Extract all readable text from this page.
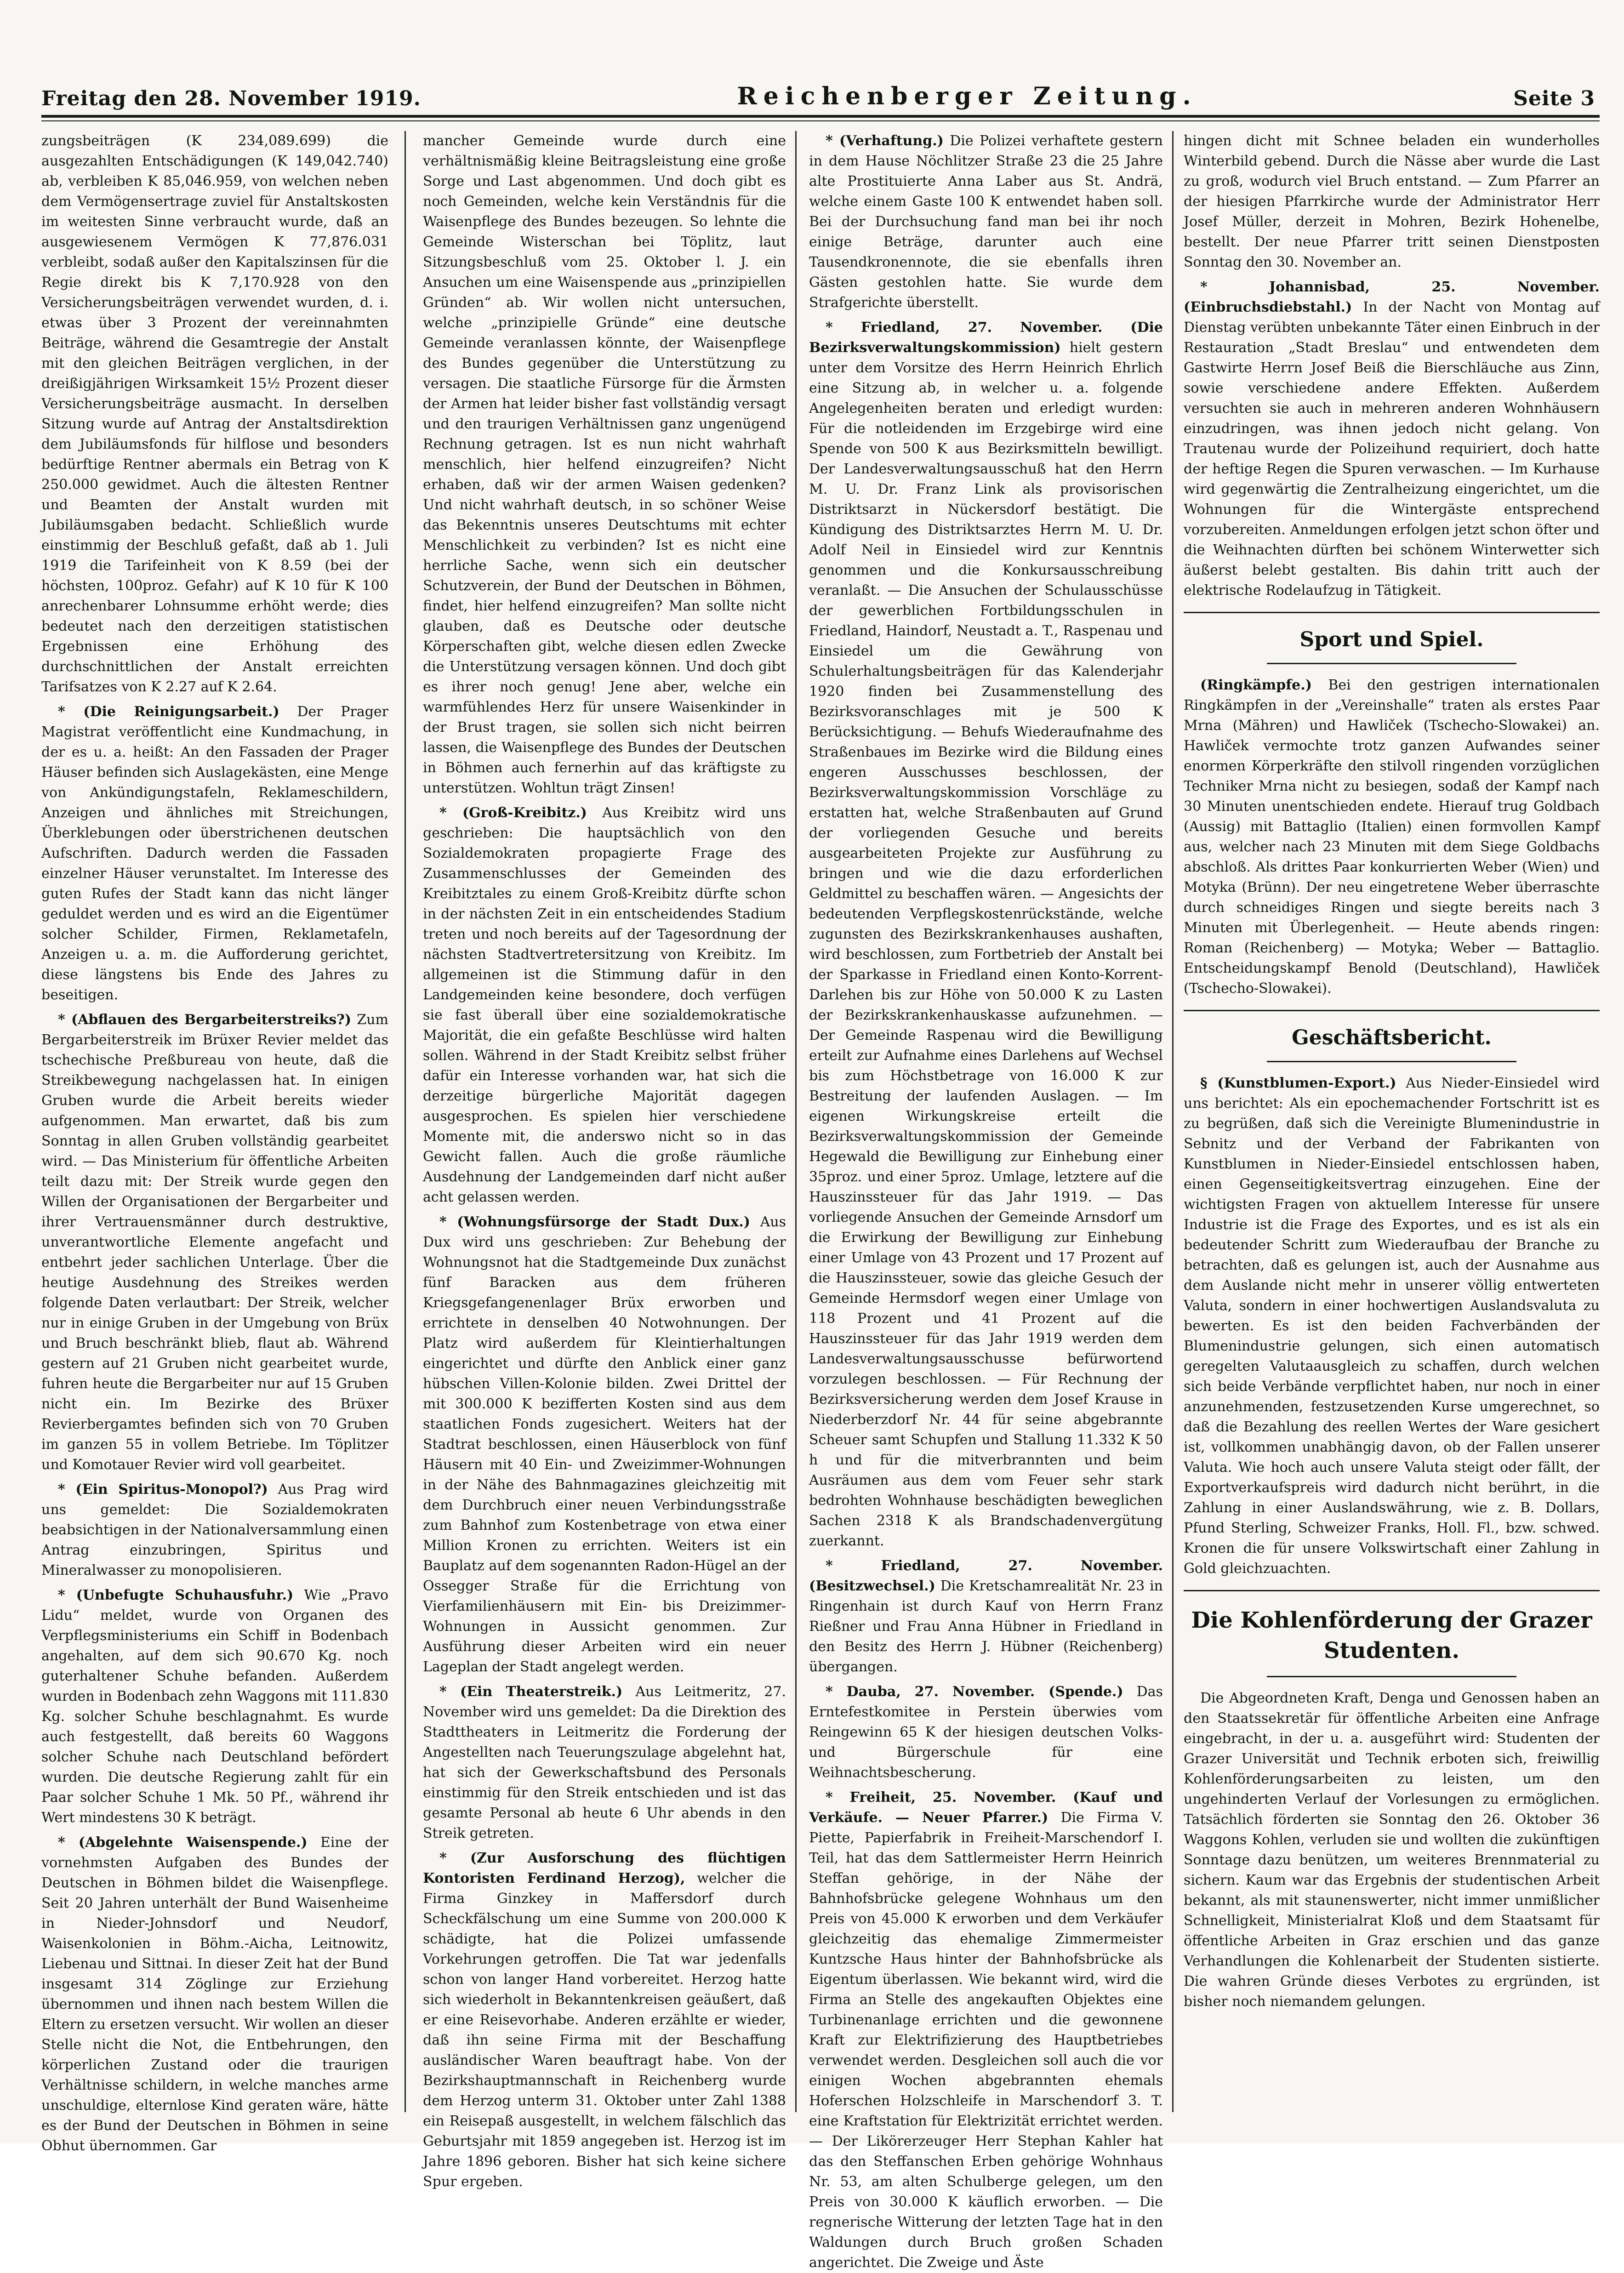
Freitag den 28. November 1919.	Reichenberger Zeitung.	Seite 3

zungsbeiträgen (K 234,089.699) die ausgezahlten Entschädigungen (K 149,042.740) ab, verbleiben K 85,046.959, von welchen neben dem Vermögensertrage zuviel für Anstaltskosten im weitesten Sinne verbraucht wurde, daß an ausgewiesenem Vermögen K 77,876.031 verbleibt, sodaß außer den Kapitalszinsen für die Regie direkt bis K 7,170.928 von den Versicherungsbeiträgen verwendet wurden, d. i. etwas über 3 Prozent der vereinnahmten Beiträge, während die Gesamtregie der Anstalt mit den gleichen Beiträgen verglichen, in der dreißigjährigen Wirksamkeit 15½ Prozent dieser Versicherungsbeiträge ausmacht. In derselben Sitzung wurde auf Antrag der Anstaltsdirektion dem Jubiläumsfonds für hilflose und besonders bedürftige Rentner abermals ein Betrag von K 250.000 gewidmet. Auch die ältesten Rentner und Beamten der Anstalt wurden mit Jubiläumsgaben bedacht. Schließlich wurde einstimmig der Beschluß gefaßt, daß ab 1. Juli 1919 die Tarifeinheit von K 8.59 (bei der höchsten, 100proz. Gefahr) auf K 10 für K 100 anrechenbarer Lohnsumme erhöht werde; dies bedeutet nach den derzeitigen statistischen Ergebnissen eine Erhöhung des durchschnittlichen der Anstalt erreichten Tarifsatzes von K 2.27 auf K 2.64.

* (Die Reinigungsarbeit.) Der Prager Magistrat veröffentlicht eine Kundmachung, in der es u. a. heißt: An den Fassaden der Prager Häuser befinden sich Auslagekästen, eine Menge von Ankündigungstafeln, Reklameschildern, Anzeigen und ähnliches mit Streichungen, Überklebungen oder überstrichenen deutschen Aufschriften. Dadurch werden die Fassaden einzelner Häuser verunstaltet. Im Interesse des guten Rufes der Stadt kann das nicht länger geduldet werden und es wird an die Eigentümer solcher Schilder, Firmen, Reklametafeln, Anzeigen u. a. m. die Aufforderung gerichtet, diese längstens bis Ende des Jahres zu beseitigen.

* (Abflauen des Bergarbeiterstreiks?) Zum Bergarbeiterstreik im Brüxer Revier meldet das tschechische Preßbureau von heute, daß die Streikbewegung nachgelassen hat. In einigen Gruben wurde die Arbeit bereits wieder aufgenommen. Man erwartet, daß bis zum Sonntag in allen Gruben vollständig gearbeitet wird. — Das Ministerium für öffentliche Arbeiten teilt dazu mit: Der Streik wurde gegen den Willen der Organisationen der Bergarbeiter und ihrer Vertrauensmänner durch destruktive, unverantwortliche Elemente angefacht und entbehrt jeder sachlichen Unterlage. Über die heutige Ausdehnung des Streikes werden folgende Daten verlautbart: Der Streik, welcher nur in einige Gruben in der Umgebung von Brüx und Bruch beschränkt blieb, flaut ab. Während gestern auf 21 Gruben nicht gearbeitet wurde, fuhren heute die Bergarbeiter nur auf 15 Gruben nicht ein. Im Bezirke des Brüxer Revierbergamtes befinden sich von 70 Gruben im ganzen 55 in vollem Betriebe. Im Töplitzer und Komotauer Revier wird voll gearbeitet.

* (Ein Spiritus-Monopol?) Aus Prag wird uns gemeldet: Die Sozialdemokraten beabsichtigen in der Nationalversammlung einen Antrag einzubringen, Spiritus und Mineralwasser zu monopolisieren.

* (Unbefugte Schuhausfuhr.) Wie „Pravo Lidu“ meldet, wurde von Organen des Verpflegsministeriums ein Schiff in Bodenbach angehalten, auf dem sich 90.670 Kg. noch guterhaltener Schuhe befanden. Außerdem wurden in Bodenbach zehn Waggons mit 111.830 Kg. solcher Schuhe beschlagnahmt. Es wurde auch festgestellt, daß bereits 60 Waggons solcher Schuhe nach Deutschland befördert wurden. Die deutsche Regierung zahlt für ein Paar solcher Schuhe 1 Mk. 50 Pf., während ihr Wert mindestens 30 K beträgt.

* (Abgelehnte Waisenspende.) Eine der vornehmsten Aufgaben des Bundes der Deutschen in Böhmen bildet die Waisenpflege. Seit 20 Jahren unterhält der Bund Waisenheime in Nieder-Johnsdorf und Neudorf, Waisenkolonien in Böhm.-Aicha, Leitnowitz, Liebenau und Sittnai. In dieser Zeit hat der Bund insgesamt 314 Zöglinge zur Erziehung übernommen und ihnen nach bestem Willen die Eltern zu ersetzen versucht. Wir wollen an dieser Stelle nicht die Not, die Entbehrungen, den körperlichen Zustand oder die traurigen Verhältnisse schildern, in welche manches arme unschuldige, elternlose Kind geraten wäre, hätte es der Bund der Deutschen in Böhmen in seine Obhut übernommen. Gar

mancher Gemeinde wurde durch eine verhältnismäßig kleine Beitragsleistung eine große Sorge und Last abgenommen. Und doch gibt es noch Gemeinden, welche kein Verständnis für die Waisenpflege des Bundes bezeugen. So lehnte die Gemeinde Wisterschan bei Töplitz, laut Sitzungsbeschluß vom 25. Oktober l. J. ein Ansuchen um eine Waisenspende aus „prinzipiellen Gründen“ ab. Wir wollen nicht untersuchen, welche „prinzipielle Gründe“ eine deutsche Gemeinde veranlassen könnte, der Waisenpflege des Bundes gegenüber die Unterstützung zu versagen. Die staatliche Fürsorge für die Ärmsten der Armen hat leider bisher fast vollständig versagt und den traurigen Verhältnissen ganz ungenügend Rechnung getragen. Ist es nun nicht wahrhaft menschlich, hier helfend einzugreifen? Nicht erhaben, daß wir der armen Waisen gedenken? Und nicht wahrhaft deutsch, in so schöner Weise das Bekenntnis unseres Deutschtums mit echter Menschlichkeit zu verbinden? Ist es nicht eine herrliche Sache, wenn sich ein deutscher Schutzverein, der Bund der Deutschen in Böhmen, findet, hier helfend einzugreifen? Man sollte nicht glauben, daß es Deutsche oder deutsche Körperschaften gibt, welche diesen edlen Zwecke die Unterstützung versagen können. Und doch gibt es ihrer noch genug! Jene aber, welche ein warmfühlendes Herz für unsere Waisenkinder in der Brust tragen, sie sollen sich nicht beirren lassen, die Waisenpflege des Bundes der Deutschen in Böhmen auch fernerhin auf das kräftigste zu unterstützen. Wohltun trägt Zinsen!

* (Groß-Kreibitz.) Aus Kreibitz wird uns geschrieben: Die hauptsächlich von den Sozialdemokraten propagierte Frage des Zusammenschlusses der Gemeinden des Kreibitztales zu einem Groß-Kreibitz dürfte schon in der nächsten Zeit in ein entscheidendes Stadium treten und noch bereits auf der Tagesordnung der nächsten Stadtvertretersitzung von Kreibitz. Im allgemeinen ist die Stimmung dafür in den Landgemeinden keine besondere, doch verfügen sie fast überall über eine sozialdemokratische Majorität, die ein gefaßte Beschlüsse wird halten sollen. Während in der Stadt Kreibitz selbst früher dafür ein Interesse vorhanden war, hat sich die derzeitige bürgerliche Majorität dagegen ausgesprochen. Es spielen hier verschiedene Momente mit, die anderswo nicht so in das Gewicht fallen. Auch die große räumliche Ausdehnung der Landgemeinden darf nicht außer acht gelassen werden.

* (Wohnungsfürsorge der Stadt Dux.) Aus Dux wird uns geschrieben: Zur Behebung der Wohnungsnot hat die Stadtgemeinde Dux zunächst fünf Baracken aus dem früheren Kriegsgefangenenlager Brüx erworben und errichtete in denselben 40 Notwohnungen. Der Platz wird außerdem für Kleintierhaltungen eingerichtet und dürfte den Anblick einer ganz hübschen Villen-Kolonie bilden. Zwei Drittel der mit 300.000 K bezifferten Kosten sind aus dem staatlichen Fonds zugesichert. Weiters hat der Stadtrat beschlossen, einen Häuserblock von fünf Häusern mit 40 Ein- und Zweizimmer-Wohnungen in der Nähe des Bahnmagazines gleichzeitig mit dem Durchbruch einer neuen Verbindungsstraße zum Bahnhof zum Kostenbetrage von etwa einer Million Kronen zu errichten. Weiters ist ein Bauplatz auf dem sogenannten Radon-Hügel an der Ossegger Straße für die Errichtung von Vierfamilienhäusern mit Ein- bis Dreizimmer-Wohnungen in Aussicht genommen. Zur Ausführung dieser Arbeiten wird ein neuer Lageplan der Stadt angelegt werden.

* (Ein Theaterstreik.) Aus Leitmeritz, 27. November wird uns gemeldet: Da die Direktion des Stadttheaters in Leitmeritz die Forderung der Angestellten nach Teuerungszulage abgelehnt hat, hat sich der Gewerkschaftsbund des Personals einstimmig für den Streik entschieden und ist das gesamte Personal ab heute 6 Uhr abends in den Streik getreten.

* (Zur Ausforschung des flüchtigen Kontoristen Ferdinand Herzog), welcher die Firma Ginzkey in Maffersdorf durch Scheckfälschung um eine Summe von 200.000 K schädigte, hat die Polizei umfassende Vorkehrungen getroffen. Die Tat war jedenfalls schon von langer Hand vorbereitet. Herzog hatte sich wiederholt in Bekanntenkreisen geäußert, daß er eine Reisevorhabe. Anderen erzählte er wieder, daß ihn seine Firma mit der Beschaffung ausländischer Waren beauftragt habe. Von der Bezirkshauptmannschaft in Reichenberg wurde dem Herzog unterm 31. Oktober unter Zahl 1388 ein Reisepaß ausgestellt, in welchem fälschlich das Geburtsjahr mit 1859 angegeben ist. Herzog ist im Jahre 1896 geboren. Bisher hat sich keine sichere Spur ergeben.

* (Verhaftung.) Die Polizei verhaftete gestern in dem Hause Nöchlitzer Straße 23 die 25 Jahre alte Prostituierte Anna Laber aus St. Andrä, welche einem Gaste 100 K entwendet haben soll. Bei der Durchsuchung fand man bei ihr noch einige Beträge, darunter auch eine Tausendkronennote, die sie ebenfalls ihren Gästen gestohlen hatte. Sie wurde dem Strafgerichte überstellt.

* Friedland, 27. November. (Die Bezirksverwaltungskommission) hielt gestern unter dem Vorsitze des Herrn Heinrich Ehrlich eine Sitzung ab, in welcher u. a. folgende Angelegenheiten beraten und erledigt wurden: Für die notleidenden im Erzgebirge wird eine Spende von 500 K aus Bezirksmitteln bewilligt. Der Landesverwaltungsausschuß hat den Herrn M. U. Dr. Franz Link als provisorischen Distriktsarzt in Nückersdorf bestätigt. Die Kündigung des Distriktsarztes Herrn M. U. Dr. Adolf Neil in Einsiedel wird zur Kenntnis genommen und die Konkursausschreibung veranlaßt. — Die Ansuchen der Schulausschüsse der gewerblichen Fortbildungsschulen in Friedland, Haindorf, Neustadt a. T., Raspenau und Einsiedel um die Gewährung von Schulerhaltungsbeiträgen für das Kalenderjahr 1920 finden bei Zusammenstellung des Bezirksvoranschlages mit je 500 K Berücksichtigung. — Behufs Wiederaufnahme des Straßenbaues im Bezirke wird die Bildung eines engeren Ausschusses beschlossen, der Bezirksverwaltungskommission Vorschläge zu erstatten hat, welche Straßenbauten auf Grund der vorliegenden Gesuche und bereits ausgearbeiteten Projekte zur Ausführung zu bringen und wie die dazu erforderlichen Geldmittel zu beschaffen wären. — Angesichts der bedeutenden Verpflegskostenrückstände, welche zugunsten des Bezirkskrankenhauses aushaften, wird beschlossen, zum Fortbetrieb der Anstalt bei der Sparkasse in Friedland einen Konto-Korrent-Darlehen bis zur Höhe von 50.000 K zu Lasten der Bezirkskrankenhauskasse aufzunehmen. — Der Gemeinde Raspenau wird die Bewilligung erteilt zur Aufnahme eines Darlehens auf Wechsel bis zum Höchstbetrage von 16.000 K zur Bestreitung der laufenden Auslagen. — Im eigenen Wirkungskreise erteilt die Bezirksverwaltungskommission der Gemeinde Hegewald die Bewilligung zur Einhebung einer 35proz. und einer 5proz. Umlage, letztere auf die Hauszinssteuer für das Jahr 1919. — Das vorliegende Ansuchen der Gemeinde Arnsdorf um die Erwirkung der Bewilligung zur Einhebung einer Umlage von 43 Prozent und 17 Prozent auf die Hauszinssteuer, sowie das gleiche Gesuch der Gemeinde Hermsdorf wegen einer Umlage von 118 Prozent und 41 Prozent auf die Hauszinssteuer für das Jahr 1919 werden dem Landesverwaltungsausschusse befürwortend vorzulegen beschlossen. — Für Rechnung der Bezirksversicherung werden dem Josef Krause in Niederberzdorf Nr. 44 für seine abgebrannte Scheuer samt Schupfen und Stallung 11.332 K 50 h und für die mitverbrannten und beim Ausräumen aus dem vom Feuer sehr stark bedrohten Wohnhause beschädigten beweglichen Sachen 2318 K als Brandschadenvergütung zuerkannt.

* Friedland, 27. November. (Besitzwechsel.) Die Kretschamrealität Nr. 23 in Ringenhain ist durch Kauf von Herrn Franz Rießner und Frau Anna Hübner in Friedland in den Besitz des Herrn J. Hübner (Reichenberg) übergangen.

* Dauba, 27. November. (Spende.) Das Erntefestkomitee in Perstein überwies vom Reingewinn 65 K der hiesigen deutschen Volks- und Bürgerschule für eine Weihnachtsbescherung.

* Freiheit, 25. November. (Kauf und Verkäufe. — Neuer Pfarrer.) Die Firma V. Piette, Papierfabrik in Freiheit-Marschendorf I. Teil, hat das dem Sattlermeister Herrn Heinrich Steffan gehörige, in der Nähe der Bahnhofsbrücke gelegene Wohnhaus um den Preis von 45.000 K erworben und dem Verkäufer gleichzeitig das ehemalige Zimmermeister Kuntzsche Haus hinter der Bahnhofsbrücke als Eigentum überlassen. Wie bekannt wird, wird die Firma an Stelle des angekauften Objektes eine Turbinenanlage errichten und die gewonnene Kraft zur Elektrifizierung des Hauptbetriebes verwendet werden. Desgleichen soll auch die vor einigen Wochen abgebrannten ehemals Hoferschen Holzschleife in Marschendorf 3. T. eine Kraftstation für Elektrizität errichtet werden. — Der Likörerzeuger Herr Stephan Kahler hat das den Steffanschen Erben gehörige Wohnhaus Nr. 53, am alten Schulberge gelegen, um den Preis von 30.000 K käuflich erworben. — Die regnerische Witterung der letzten Tage hat in den Waldungen durch Bruch großen Schaden angerichtet. Die Zweige und Äste

hingen dicht mit Schnee beladen ein wunderholles Winterbild gebend. Durch die Nässe aber wurde die Last zu groß, wodurch viel Bruch entstand. — Zum Pfarrer an der hiesigen Pfarrkirche wurde der Administrator Herr Josef Müller, derzeit in Mohren, Bezirk Hohenelbe, bestellt. Der neue Pfarrer tritt seinen Dienstposten Sonntag den 30. November an.

* Johannisbad, 25. November. (Einbruchsdiebstahl.) In der Nacht von Montag auf Dienstag verübten unbekannte Täter einen Einbruch in der Restauration „Stadt Breslau“ und entwendeten dem Gastwirte Herrn Josef Beiß die Bierschläuche aus Zinn, sowie verschiedene andere Effekten. Außerdem versuchten sie auch in mehreren anderen Wohnhäusern einzudringen, was ihnen jedoch nicht gelang. Von Trautenau wurde der Polizeihund requiriert, doch hatte der heftige Regen die Spuren verwaschen. — Im Kurhause wird gegenwärtig die Zentralheizung eingerichtet, um die Wohnungen für die Wintergäste entsprechend vorzubereiten. Anmeldungen erfolgen jetzt schon öfter und die Weihnachten dürften bei schönem Winterwetter sich äußerst belebt gestalten. Bis dahin tritt auch der elektrische Rodelaufzug in Tätigkeit.

Sport und Spiel.

(Ringkämpfe.) Bei den gestrigen internationalen Ringkämpfen in der „Vereinshalle“ traten als erstes Paar Mrna (Mähren) und Hawliček (Tschecho-Slowakei) an. Hawliček vermochte trotz ganzen Aufwandes seiner enormen Körperkräfte den stilvoll ringenden vorzüglichen Techniker Mrna nicht zu besiegen, sodaß der Kampf nach 30 Minuten unentschieden endete. Hierauf trug Goldbach (Aussig) mit Battaglio (Italien) einen formvollen Kampf aus, welcher nach 23 Minuten mit dem Siege Goldbachs abschloß. Als drittes Paar konkurrierten Weber (Wien) und Motyka (Brünn). Der neu eingetretene Weber überraschte durch schneidiges Ringen und siegte bereits nach 3 Minuten mit Überlegenheit. — Heute abends ringen: Roman (Reichenberg) — Motyka; Weber — Battaglio. Entscheidungskampf Benold (Deutschland), Hawliček (Tschecho-Slowakei).

Geschäftsbericht.

§ (Kunstblumen-Export.) Aus Nieder-Einsiedel wird uns berichtet: Als ein epochemachender Fortschritt ist es zu begrüßen, daß sich die Vereinigte Blumenindustrie in Sebnitz und der Verband der Fabrikanten von Kunstblumen in Nieder-Einsiedel entschlossen haben, einen Gegenseitigkeitsvertrag einzugehen. Eine der wichtigsten Fragen von aktuellem Interesse für unsere Industrie ist die Frage des Exportes, und es ist als ein bedeutender Schritt zum Wiederaufbau der Branche zu betrachten, daß es gelungen ist, auch der Ausnahme aus dem Auslande nicht mehr in unserer völlig entwerteten Valuta, sondern in einer hochwertigen Auslandsvaluta zu bewerten. Es ist den beiden Fachverbänden der Blumenindustrie gelungen, sich einen automatisch geregelten Valutaausgleich zu schaffen, durch welchen sich beide Verbände verpflichtet haben, nur noch in einer anzunehmenden, festzusetzenden Kurse umgerechnet, so daß die Bezahlung des reellen Wertes der Ware gesichert ist, vollkommen unabhängig davon, ob der Fallen unserer Valuta. Wie hoch auch unsere Valuta steigt oder fällt, der Exportverkaufspreis wird dadurch nicht berührt, in die Zahlung in einer Auslandswährung, wie z. B. Dollars, Pfund Sterling, Schweizer Franks, Holl. Fl., bzw. schwed. Kronen die für unsere Volkswirtschaft einer Zahlung in Gold gleichzuachten.

Die Kohlenförderung der Grazer Studenten.

Die Abgeordneten Kraft, Denga und Genossen haben an den Staatssekretär für öffentliche Arbeiten eine Anfrage eingebracht, in der u. a. ausgeführt wird: Studenten der Grazer Universität und Technik erboten sich, freiwillig Kohlenförderungsarbeiten zu leisten, um den ungehinderten Verlauf der Vorlesungen zu ermöglichen. Tatsächlich förderten sie Sonntag den 26. Oktober 36 Waggons Kohlen, verluden sie und wollten die zukünftigen Sonntage dazu benützen, um weiteres Brennmaterial zu sichern. Kaum war das Ergebnis der studentischen Arbeit bekannt, als mit staunenswerter, nicht immer unmißlicher Schnelligkeit, Ministerialrat Kloß und dem Staatsamt für öffentliche Arbeiten in Graz erschien und das ganze Verhandlungen die Kohlenarbeit der Studenten sistierte. Die wahren Gründe dieses Verbotes zu ergründen, ist bisher noch niemandem gelungen.
